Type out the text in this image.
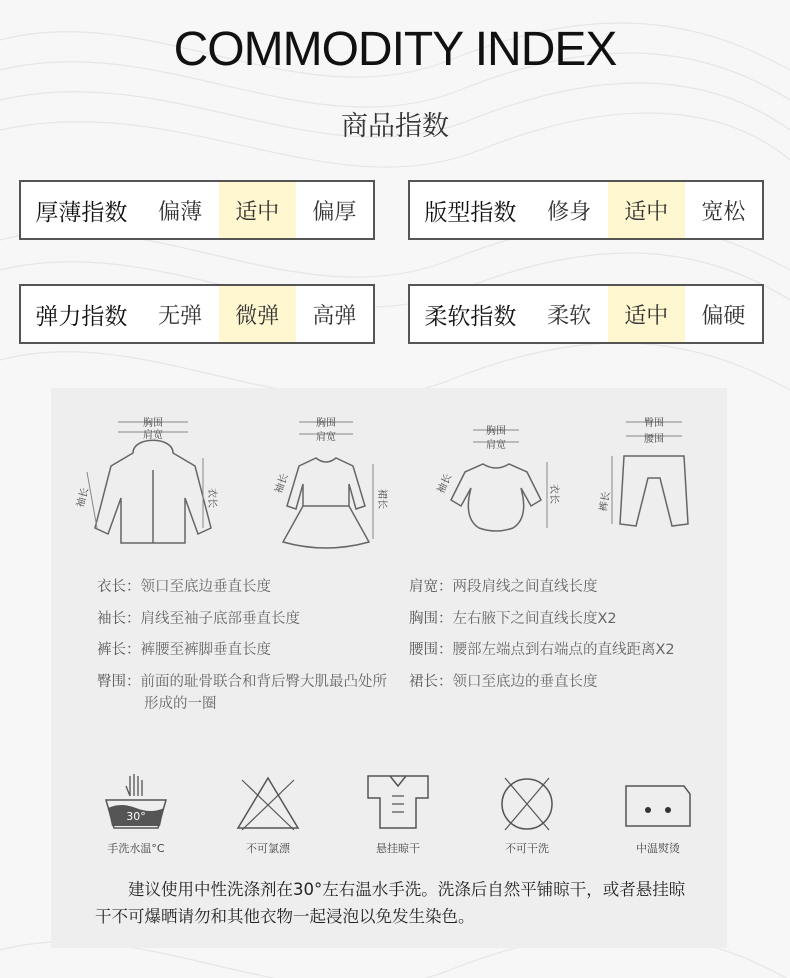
COMMODITY INDEX
商品指数
厚薄指数	偏薄	适中	偏厚	版型指数	修身	适中	宽松
弹力指数	无弹	微弹	高弹	柔软指数	柔软	适中	偏硬
胸围
肩宽
袖长	衣长
胸围
肩宽
袖长
裙长
胸围
肩宽
袖长	衣长
臀围
腰围
裤长
衣长：领口至底边垂直长度
袖长：肩线至袖子底部垂直长度
裤长：裤腰至裤脚垂直长度
臀围：前面的耻骨联合和背后臀大肌最凸处所形成的一圈
肩宽：两段肩线之间直线长度
胸围：左右腋下之间直线长度X2
腰围：腰部左端点到右端点的直线距离X2
裙长：领口至底边的垂直长度
30°
手洗水温°C	不可氯漂	悬挂晾干	不可干洗	中温熨烫
建议使用中性洗涤剂在30°左右温水手洗。洗涤后自然平铺晾干，或者悬挂晾干不可爆晒请勿和其他衣物一起浸泡以免发生染色。
